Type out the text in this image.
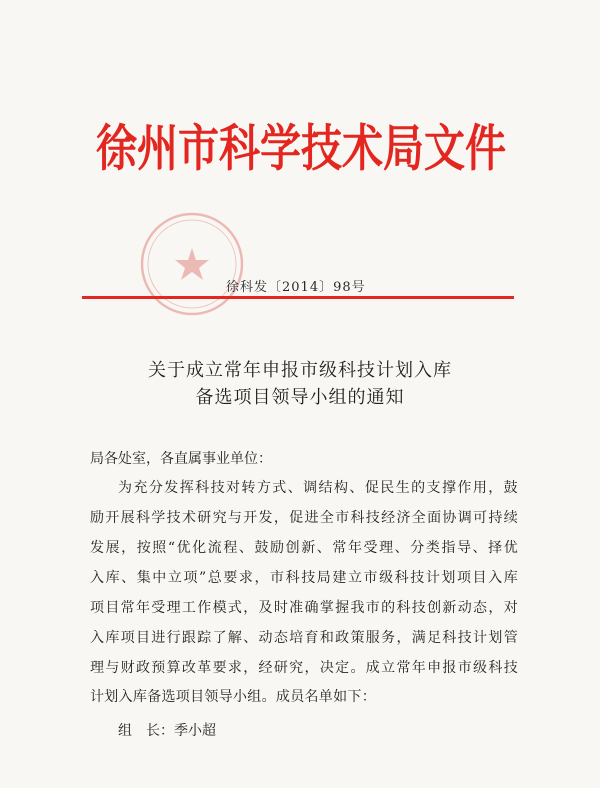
徐州市科学技术局文件
徐科发〔2014〕98号
关于成立常年申报市级科技计划入库
备选项目领导小组的通知
局各处室，各直属事业单位：
为充分发挥科技对转方式、调结构、促民生的支撑作用，鼓
励开展科学技术研究与开发，促进全市科技经济全面协调可持续
发展，按照“优化流程、鼓励创新、常年受理、分类指导、择优
入库、集中立项”总要求，市科技局建立市级科技计划项目入库
项目常年受理工作模式，及时准确掌握我市的科技创新动态，对
入库项目进行跟踪了解、动态培育和政策服务，满足科技计划管
理与财政预算改革要求，经研究，决定。成立常年申报市级科技
计划入库备选项目领导小组。成员名单如下：
组　长：季小超
